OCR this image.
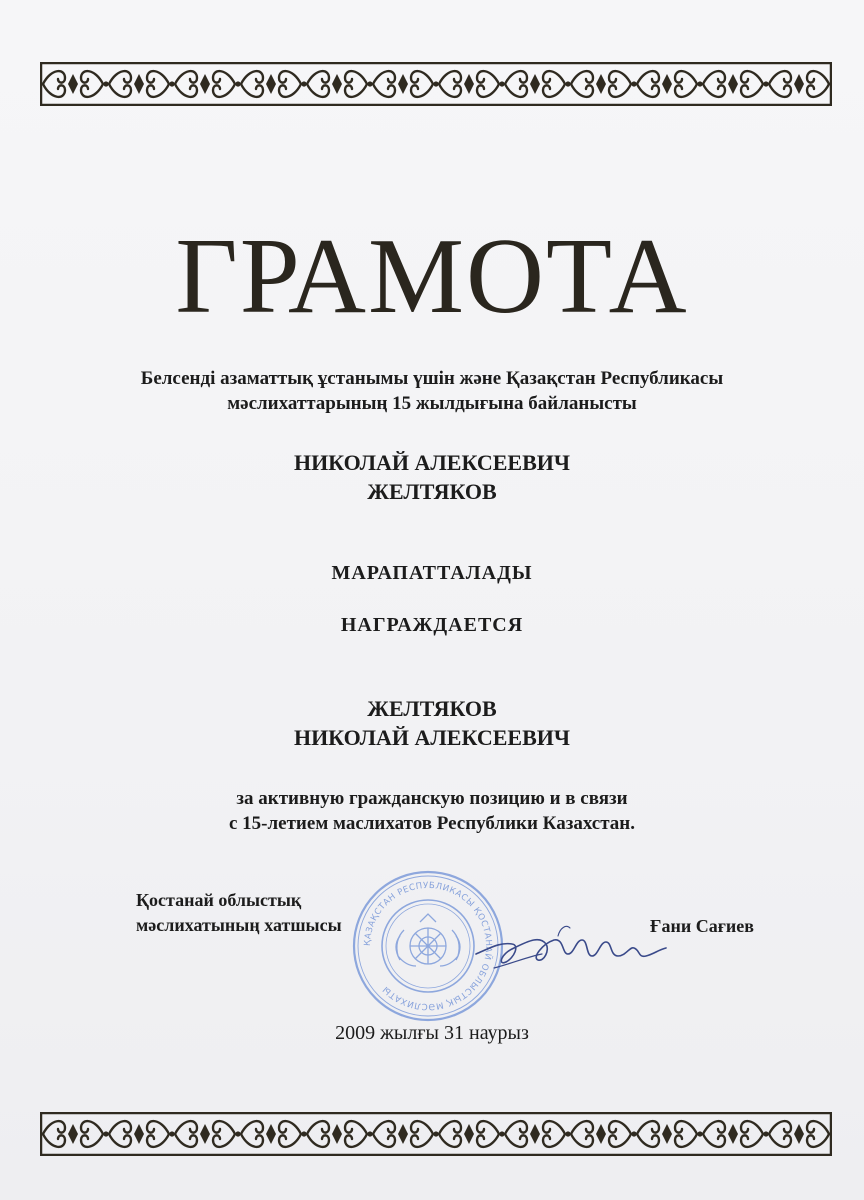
ГРАМОТА
Белсенді азаматтық ұстанымы үшін және Қазақстан Республикасы
мәслихаттарының 15 жылдығына байланысты
НИКОЛАЙ АЛЕКСЕЕВИЧ
ЖЕЛТЯКОВ
МАРАПАТТАЛАДЫ
НАГРАЖДАЕТСЯ
ЖЕЛТЯКОВ
НИКОЛАЙ АЛЕКСЕЕВИЧ
за активную гражданскую позицию и в связи
с 15-летием маслихатов Республики Казахстан.
Қостанай облыстық
мәслихатының хатшысы
ҚАЗАҚСТАН РЕСПУБЛИКАСЫ ҚОСТАНАЙ ОБЛЫСТЫҚ МӘСЛИХАТЫ
Ғани Сағиев
2009 жылғы 31 наурыз
